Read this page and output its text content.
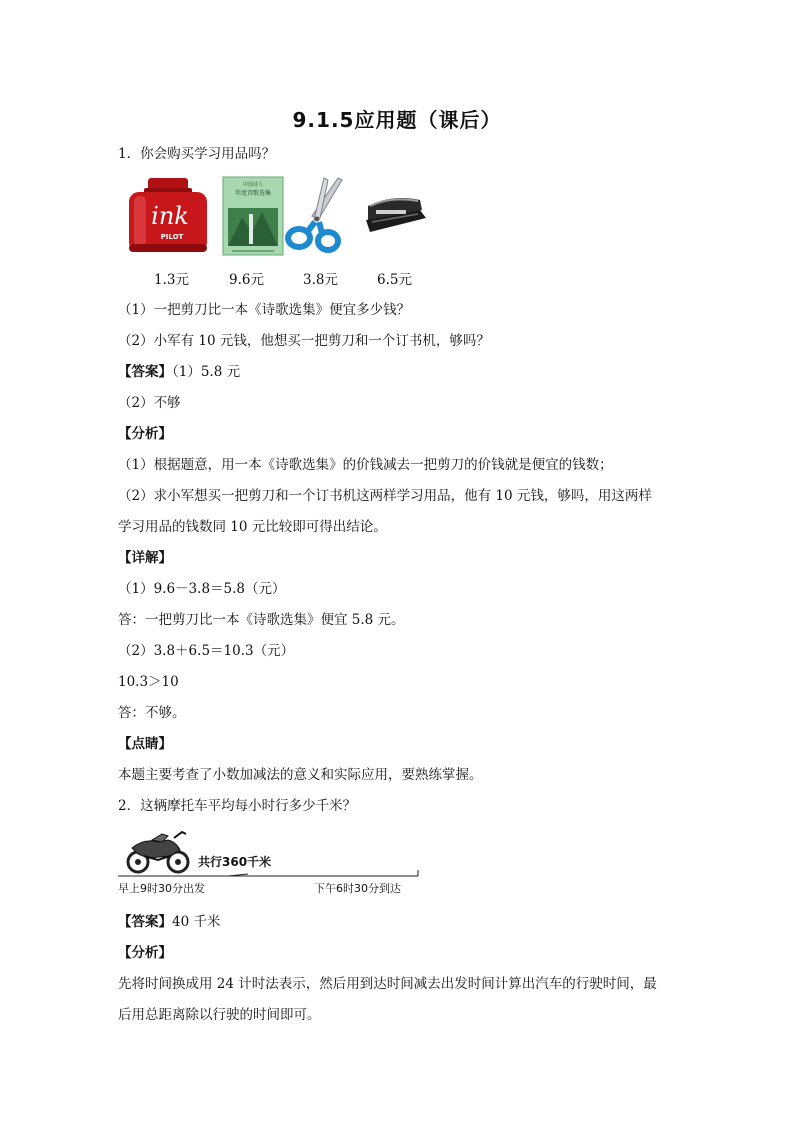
9.1.5应用题（课后）
1．你会购买学习用品吗？
ink
PILOT
中国诗人
年度诗歌选集
1.3元	9.6元	3.8元	6.5元
（1）一把剪刀比一本《诗歌选集》便宜多少钱？
（2）小军有 10 元钱，他想买一把剪刀和一个订书机，够吗？
【答案】（1）5.8 元
（2）不够
【分析】
（1）根据题意，用一本《诗歌选集》的价钱减去一把剪刀的价钱就是便宜的钱数；
（2）求小军想买一把剪刀和一个订书机这两样学习用品，他有 10 元钱，够吗，用这两样
学习用品的钱数同 10 元比较即可得出结论。
【详解】
（1）9.6－3.8＝5.8（元）
答：一把剪刀比一本《诗歌选集》便宜 5.8 元。
（2）3.8＋6.5＝10.3（元）
10.3＞10
答：不够。
【点睛】
本题主要考查了小数加减法的意义和实际应用，要熟练掌握。
2．这辆摩托车平均每小时行多少千米？
共行360千米
早上9时30分出发	下午6时30分到达
【答案】40 千米
【分析】
先将时间换成用 24 计时法表示，然后用到达时间减去出发时间计算出汽车的行驶时间，最
后用总距离除以行驶的时间即可。
